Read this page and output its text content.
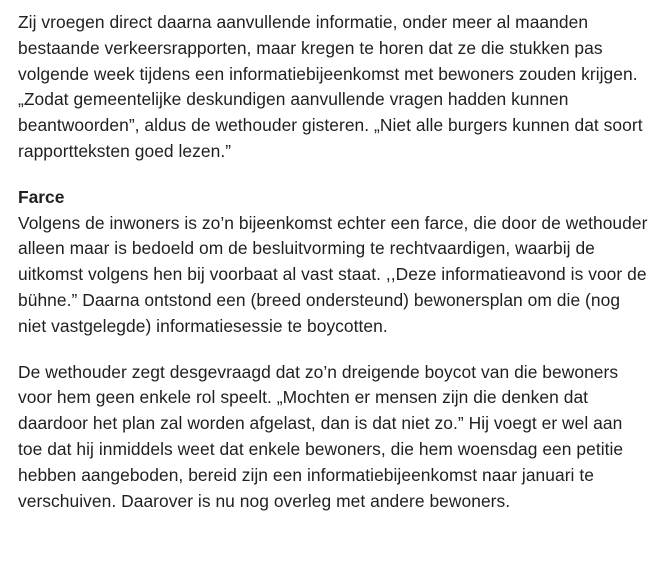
Zij vroegen direct daarna aanvullende informatie, onder meer al maanden bestaande verkeersrapporten, maar kregen te horen dat ze die stukken pas volgende week tijdens een informatiebijeenkomst met bewoners zouden krijgen. „Zodat gemeentelijke deskundigen aanvullende vragen hadden kunnen beantwoorden”, aldus de wethouder gisteren. „Niet alle burgers kunnen dat soort rapportteksten goed lezen.”

Farce

Volgens de inwoners is zo’n bijeenkomst echter een farce, die door de wethouder alleen maar is bedoeld om de besluitvorming te rechtvaardigen, waarbij de uitkomst volgens hen bij voorbaat al vast staat. ,,Deze informatieavond is voor de bühne.” Daarna ontstond een (breed ondersteund) bewonersplan om die (nog niet vastgelegde) informatiesessie te boycotten.

De wethouder zegt desgevraagd dat zo’n dreigende boycot van die bewoners voor hem geen enkele rol speelt. „Mochten er mensen zijn die denken dat daardoor het plan zal worden afgelast, dan is dat niet zo.” Hij voegt er wel aan toe dat hij inmiddels weet dat enkele bewoners, die hem woensdag een petitie hebben aangeboden, bereid zijn een informatiebijeenkomst naar januari te verschuiven. Daarover is nu nog overleg met andere bewoners.
